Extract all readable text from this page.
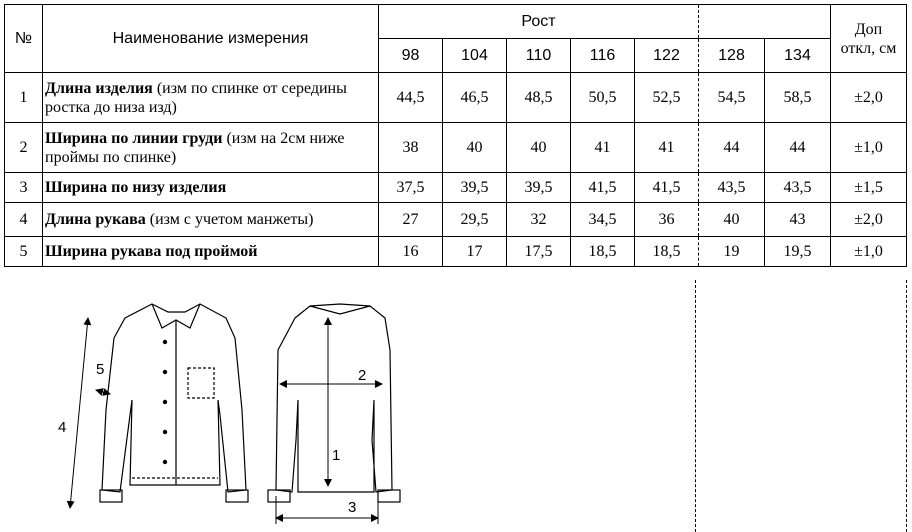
№	Наименование измерения	Рост							Доп
откл, см

		98	104	110	116	122	128	134	
1	Длина изделия (изм по спинке от середины ростка до низа изд)	44,5	46,5	48,5	50,5	52,5	54,5	58,5	±2,0
2	Ширина по линии груди (изм на 2см ниже проймы по спинке)	38	40	40	41	41	44	44	±1,0
3	Ширина по низу изделия	37,5	39,5	39,5	41,5	41,5	43,5	43,5	±1,5
4	Длина рукава (изм с учетом манжеты)	27	29,5	32	34,5	36	40	43	±2,0
5	Ширина рукава под проймой	16	17	17,5	18,5	18,5	19	19,5	±1,0
5
4
2
1
3
